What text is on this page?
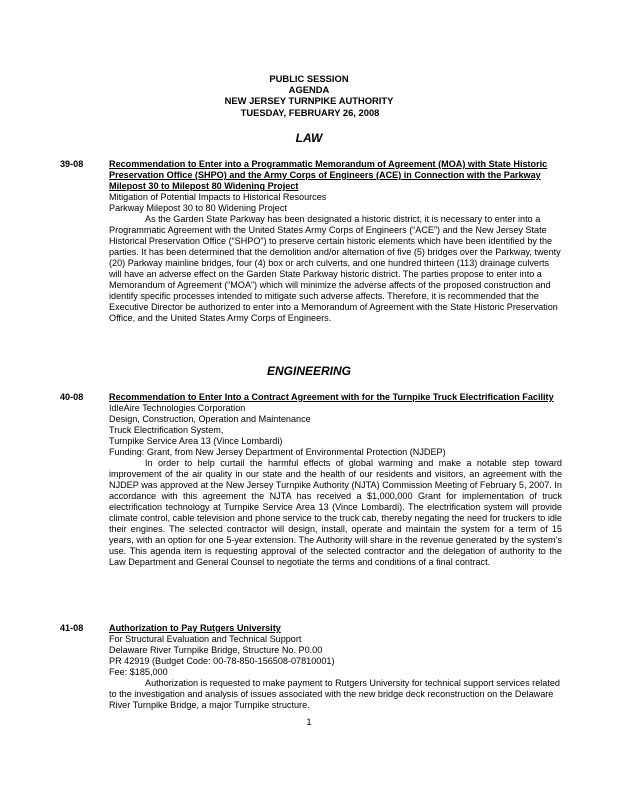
PUBLIC SESSION
AGENDA
NEW JERSEY TURNPIKE AUTHORITY
TUESDAY, FEBRUARY 26, 2008
LAW
39-08	Recommendation to Enter into a Programmatic Memorandum of Agreement (MOA) with State Historic Preservation Office (SHPO) and the Army Corps of Engineers (ACE) in Connection with the Parkway Milepost 30 to Milepost 80 Widening Project
Mitigation of Potential Impacts to Historical Resources
Parkway Milepost 30 to 80 Widening Project
As the Garden State Parkway has been designated a historic district, it is necessary to enter into a Programmatic Agreement with the United States Army Corps of Engineers (“ACE”) and the New Jersey State Historical Preservation Office (“SHPO”) to preserve certain historic elements which have been identified by the parties. It has been determined that the demolition and/or alternation of five (5) bridges over the Parkway, twenty (20) Parkway mainline bridges, four (4) box or arch culverts, and one hundred thirteen (113) drainage culverts will have an adverse effect on the Garden State Parkway historic district. The parties propose to enter into a Memorandum of Agreement (“MOA”) which will minimize the adverse affects of the proposed construction and identify specific processes intended to mitigate such adverse affects. Therefore, it is recommended that the Executive Director be authorized to enter into a Memorandum of Agreement with the State Historic Preservation Office, and the United States Army Corps of Engineers.
ENGINEERING
40-08	Recommendation to Enter Into a Contract Agreement with for the Turnpike Truck Electrification Facility
IdleAire Technologies Corporation
Design, Construction, Operation and Maintenance
Truck Electrification System,
Turnpike Service Area 13 (Vince Lombardi)
Funding: Grant, from New Jersey Department of Environmental Protection (NJDEP)
In order to help curtail the harmful effects of global warming and make a notable step toward improvement of the air quality in our state and the health of our residents and visitors, an agreement with the NJDEP was approved at the New Jersey Turnpike Authority (NJTA) Commission Meeting of February 5, 2007. In accordance with this agreement the NJTA has received a $1,000,000 Grant for implementation of truck electrification technology at Turnpike Service Area 13 (Vince Lombardi). The electrification system will provide climate control, cable television and phone service to the truck cab, thereby negating the need for truckers to idle their engines. The selected contractor will design, install, operate and maintain the system for a term of 15 years, with an option for one 5-year extension. The Authority will share in the revenue generated by the system’s use. This agenda item is requesting approval of the selected contractor and the delegation of authority to the Law Department and General Counsel to negotiate the terms and conditions of a final contract.
41-08	Authorization to Pay Rutgers University
For Structural Evaluation and Technical Support
Delaware River Turnpike Bridge, Structure No. P0.00
PR 42919 (Budget Code: 00-78-850-156508-07810001)
Fee: $185,000
Authorization is requested to make payment to Rutgers University for technical support services related to the investigation and analysis of issues associated with the new bridge deck reconstruction on the Delaware River Turnpike Bridge, a major Turnpike structure.
1
